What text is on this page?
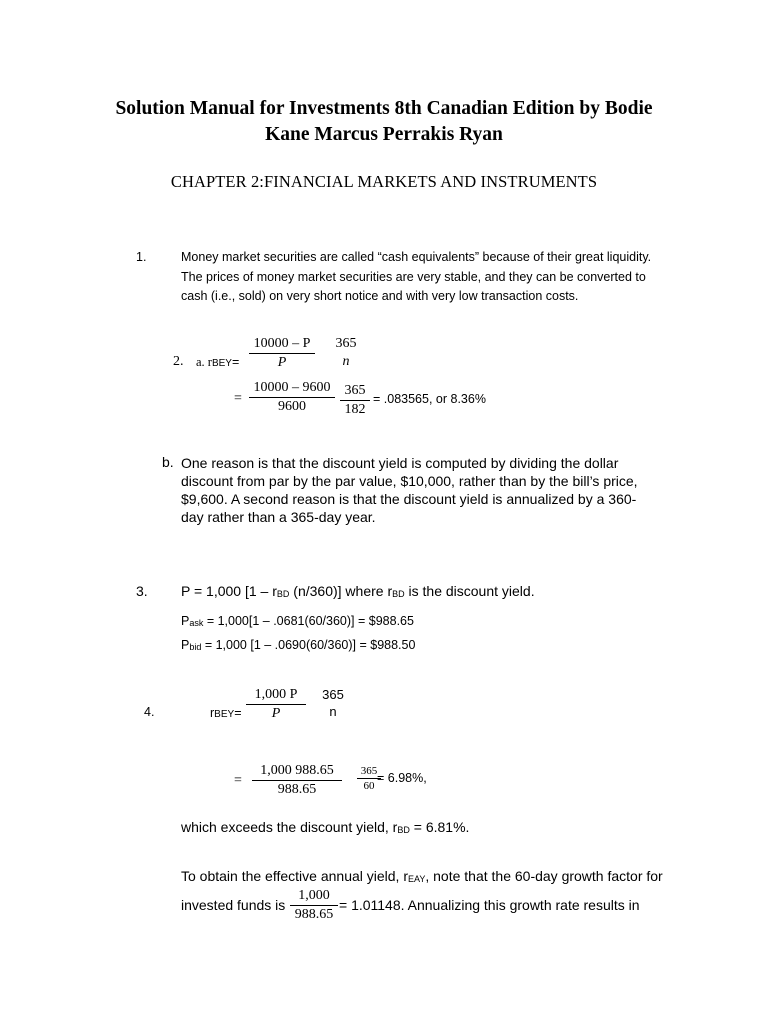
Solution Manual for Investments 8th Canadian Edition by Bodie
Kane Marcus Perrakis Ryan
CHAPTER 2:FINANCIAL MARKETS AND INSTRUMENTS
1.	Money market securities are called “cash equivalents” because of their great liquidity.
The prices of money market securities are very stable, and they can be converted to
cash (i.e., sold) on very short notice and with very low transaction costs.
2. a. rBEY= $\frac{10000 - P}{P}$	365
n
= $\frac{10000 - 9600}{9600} \frac{365}{182} = .083565$, or 8.36%
b. One reason is that the discount yield is computed by dividing the dollar
discount from par by the par value, $10,000, rather than by the bill’s price,
$9,600. A second reason is that the discount yield is annualized by a 360-
day rather than a 365-day year.
3. P = 1,000 [$1 - r_{BD}$ (n/360)] where $r_{BD}$ is the discount yield.
$P_{ask} = 1,000[1 - .0681(60/360)]$ = $988.65
$P_{bid} = 1,000$ [1 – .0690(60/360)] = $988.50
4.	rBEY= $\frac{1,000 P}{P}$	365
n
= $\frac{1,000 988.65}{988.65} \frac{365}{60}$
= 6.98%,
which exceeds the discount yield, $r_{BD} = 6.81\%$.
To obtain the effective annual yield, $r_{EAY}$, note that the 60-day growth factor for
invested funds is $\frac{1,000}{988.65} = 1.01148$. Annualizing this growth rate results in
